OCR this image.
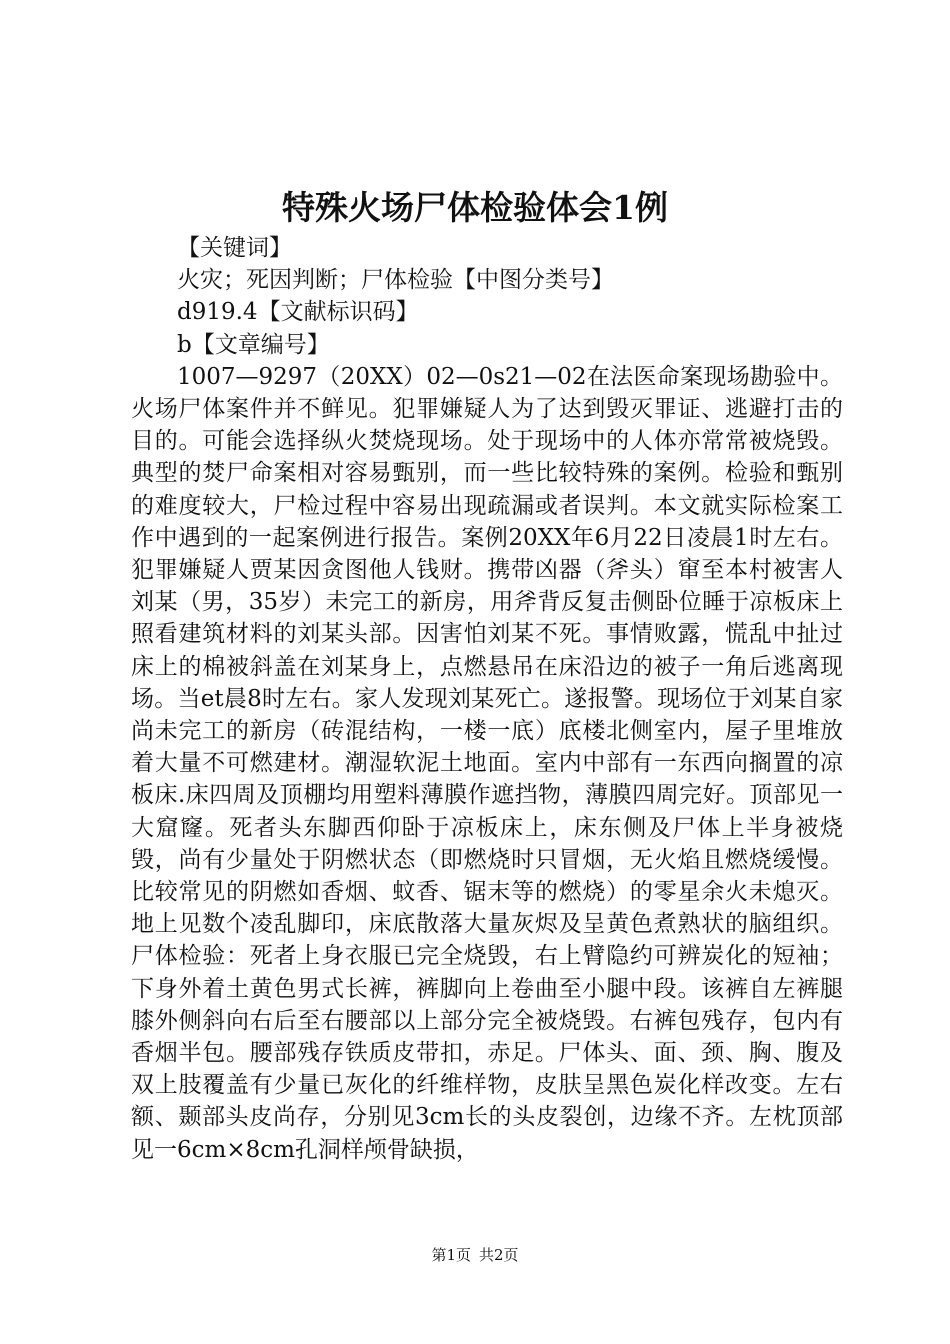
特殊火场尸体检验体会1例
【关键词】
火灾；死因判断；尸体检验【中图分类号】
d919.4【文献标识码】
b【文章编号】

1007—9297（20XX）02—0s21—02在法医命案现场勘验中。火场尸体案件并不鲜见。犯罪嫌疑人为了达到毁灭罪证、逃避打击的目的。可能会选择纵火焚烧现场。处于现场中的人体亦常常被烧毁。典型的焚尸命案相对容易甄别，而一些比较特殊的案例。检验和甄别的难度较大，尸检过程中容易出现疏漏或者误判。本文就实际检案工作中遇到的一起案例进行报告。案例20XX年6月22日凌晨1时左右。犯罪嫌疑人贾某因贪图他人钱财。携带凶器（斧头）窜至本村被害人刘某（男，35岁）未完工的新房，用斧背反复击侧卧位睡于凉板床上照看建筑材料的刘某头部。因害怕刘某不死。事情败露，慌乱中扯过床上的棉被斜盖在刘某身上，点燃悬吊在床沿边的被子一角后逃离现场。当et晨8时左右。家人发现刘某死亡。遂报警。现场位于刘某自家尚未完工的新房（砖混结构，一楼一底）底楼北侧室内，屋子里堆放着大量不可燃建材。潮湿软泥土地面。室内中部有一东西向搁置的凉板床.床四周及顶棚均用塑料薄膜作遮挡物，薄膜四周完好。顶部见一大窟窿。死者头东脚西仰卧于凉板床上，床东侧及尸体上半身被烧毁，尚有少量处于阴燃状态（即燃烧时只冒烟，无火焰且燃烧缓慢。比较常见的阴燃如香烟、蚊香、锯末等的燃烧）的零星余火未熄灭。地上见数个凌乱脚印，床底散落大量灰烬及呈黄色煮熟状的脑组织。尸体检验：死者上身衣服已完全烧毁，右上臂隐约可辨炭化的短袖；下身外着土黄色男式长裤，裤脚向上卷曲至小腿中段。该裤自左裤腿膝外侧斜向右后至右腰部以上部分完全被烧毁。右裤包残存，包内有香烟半包。腰部残存铁质皮带扣，赤足。尸体头、面、颈、胸、腹及双上肢覆盖有少量已灰化的纤维样物，皮肤呈黑色炭化样改变。左右额、颞部头皮尚存，分别见3cm长的头皮裂创，边缘不齐。左枕顶部见一6cm×8cm孔洞样颅骨缺损，

第1页 共2页
